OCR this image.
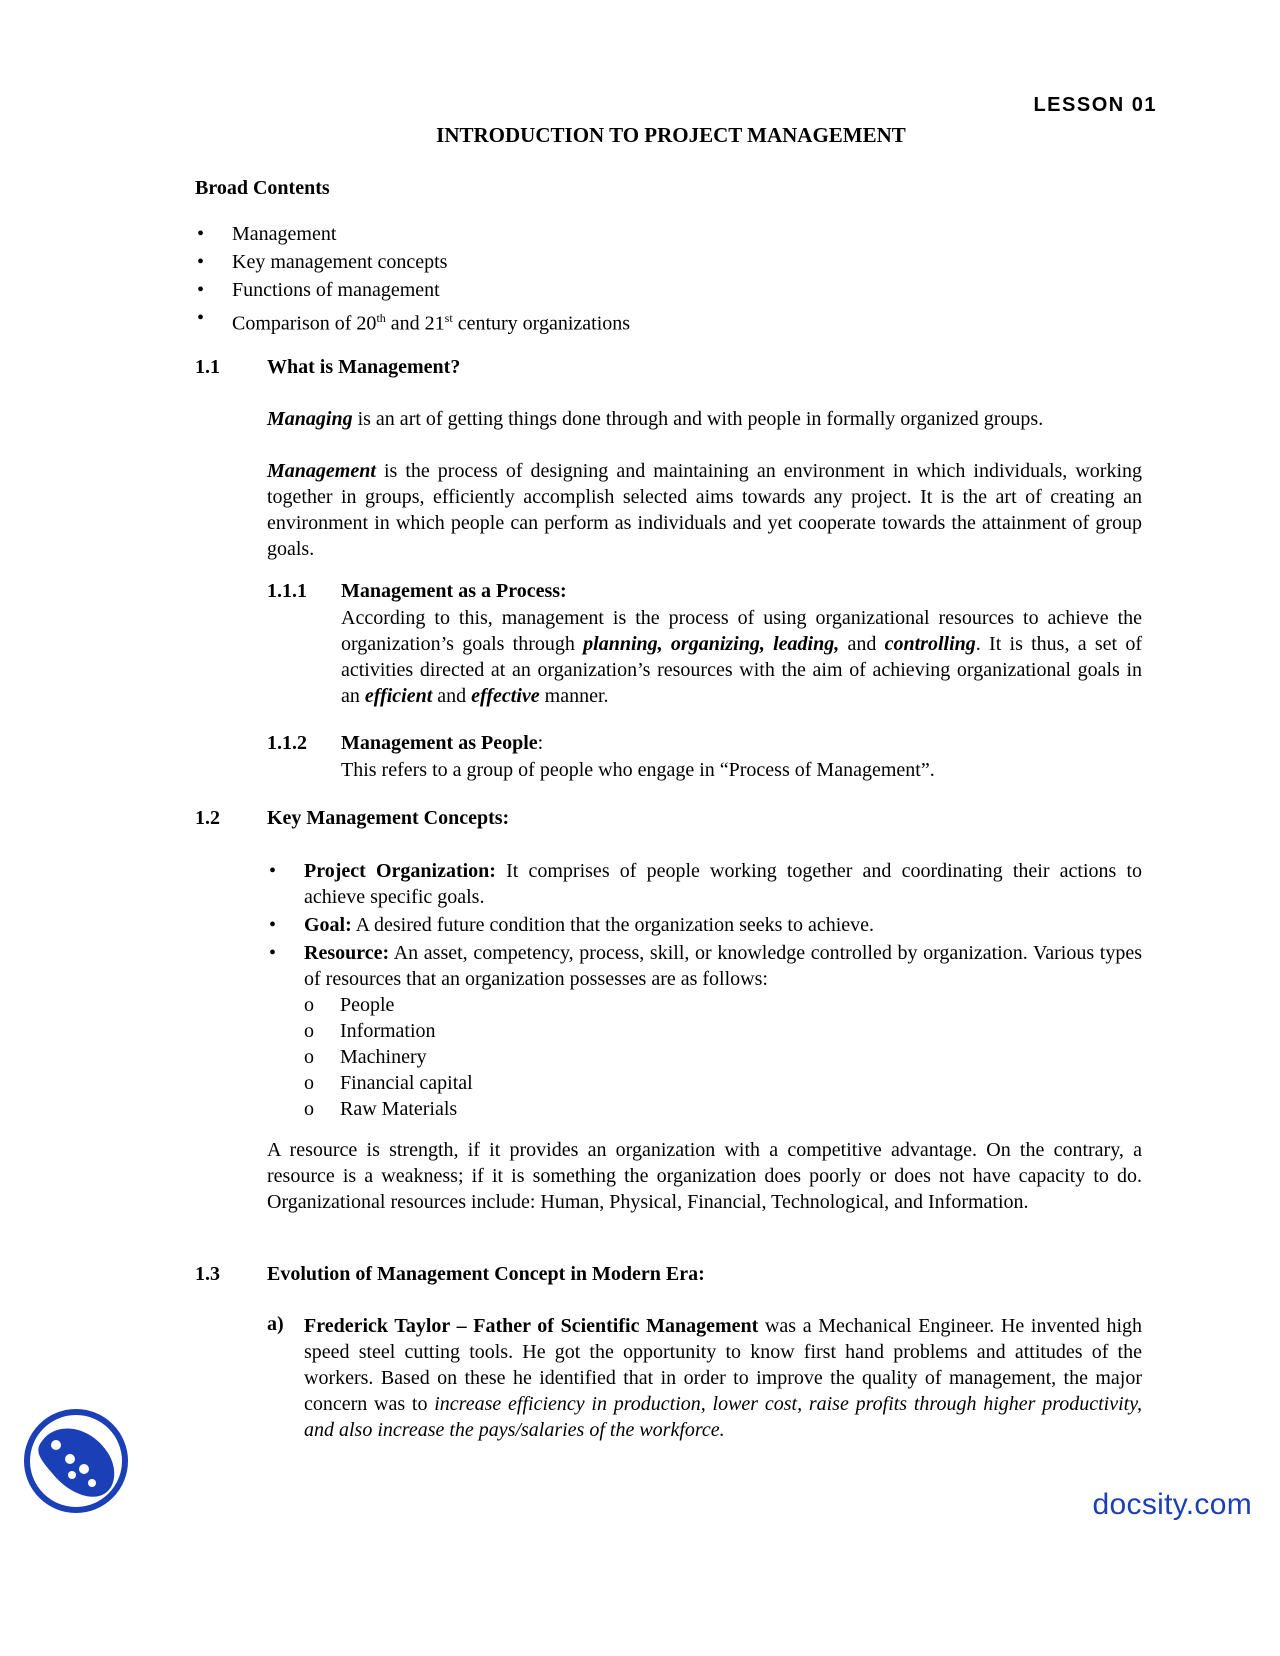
LESSON 01
INTRODUCTION TO PROJECT MANAGEMENT
Broad Contents
• Management
• Key management concepts
• Functions of management
• Comparison of 20th and 21st century organizations
1.1 What is Management?
Managing is an art of getting things done through and with people in formally organized groups.
Management is the process of designing and maintaining an environment in which individuals, working together in groups, efficiently accomplish selected aims towards any project. It is the art of creating an environment in which people can perform as individuals and yet cooperate towards the attainment of group goals.
1.1.1 Management as a Process:
According to this, management is the process of using organizational resources to achieve the organization’s goals through planning, organizing, leading, and controlling. It is thus, a set of activities directed at an organization’s resources with the aim of achieving organizational goals in an efficient and effective manner.
1.1.2 Management as People:
This refers to a group of people who engage in “Process of Management”.
1.2 Key Management Concepts:
• Project Organization: It comprises of people working together and coordinating their actions to achieve specific goals.
• Goal: A desired future condition that the organization seeks to achieve.
• Resource: An asset, competency, process, skill, or knowledge controlled by organization. Various types of resources that an organization possesses are as follows:
o People
o Information
o Machinery
o Financial capital
o Raw Materials
A resource is strength, if it provides an organization with a competitive advantage. On the contrary, a resource is a weakness; if it is something the organization does poorly or does not have capacity to do. Organizational resources include: Human, Physical, Financial, Technological, and Information.
1.3 Evolution of Management Concept in Modern Era:
a) Frederick Taylor – Father of Scientific Management was a Mechanical Engineer. He invented high speed steel cutting tools. He got the opportunity to know first hand problems and attitudes of the workers. Based on these he identified that in order to improve the quality of management, the major concern was to increase efficiency in production, lower cost, raise profits through higher productivity, and also increase the pays/salaries of the workforce.
docsity.com
